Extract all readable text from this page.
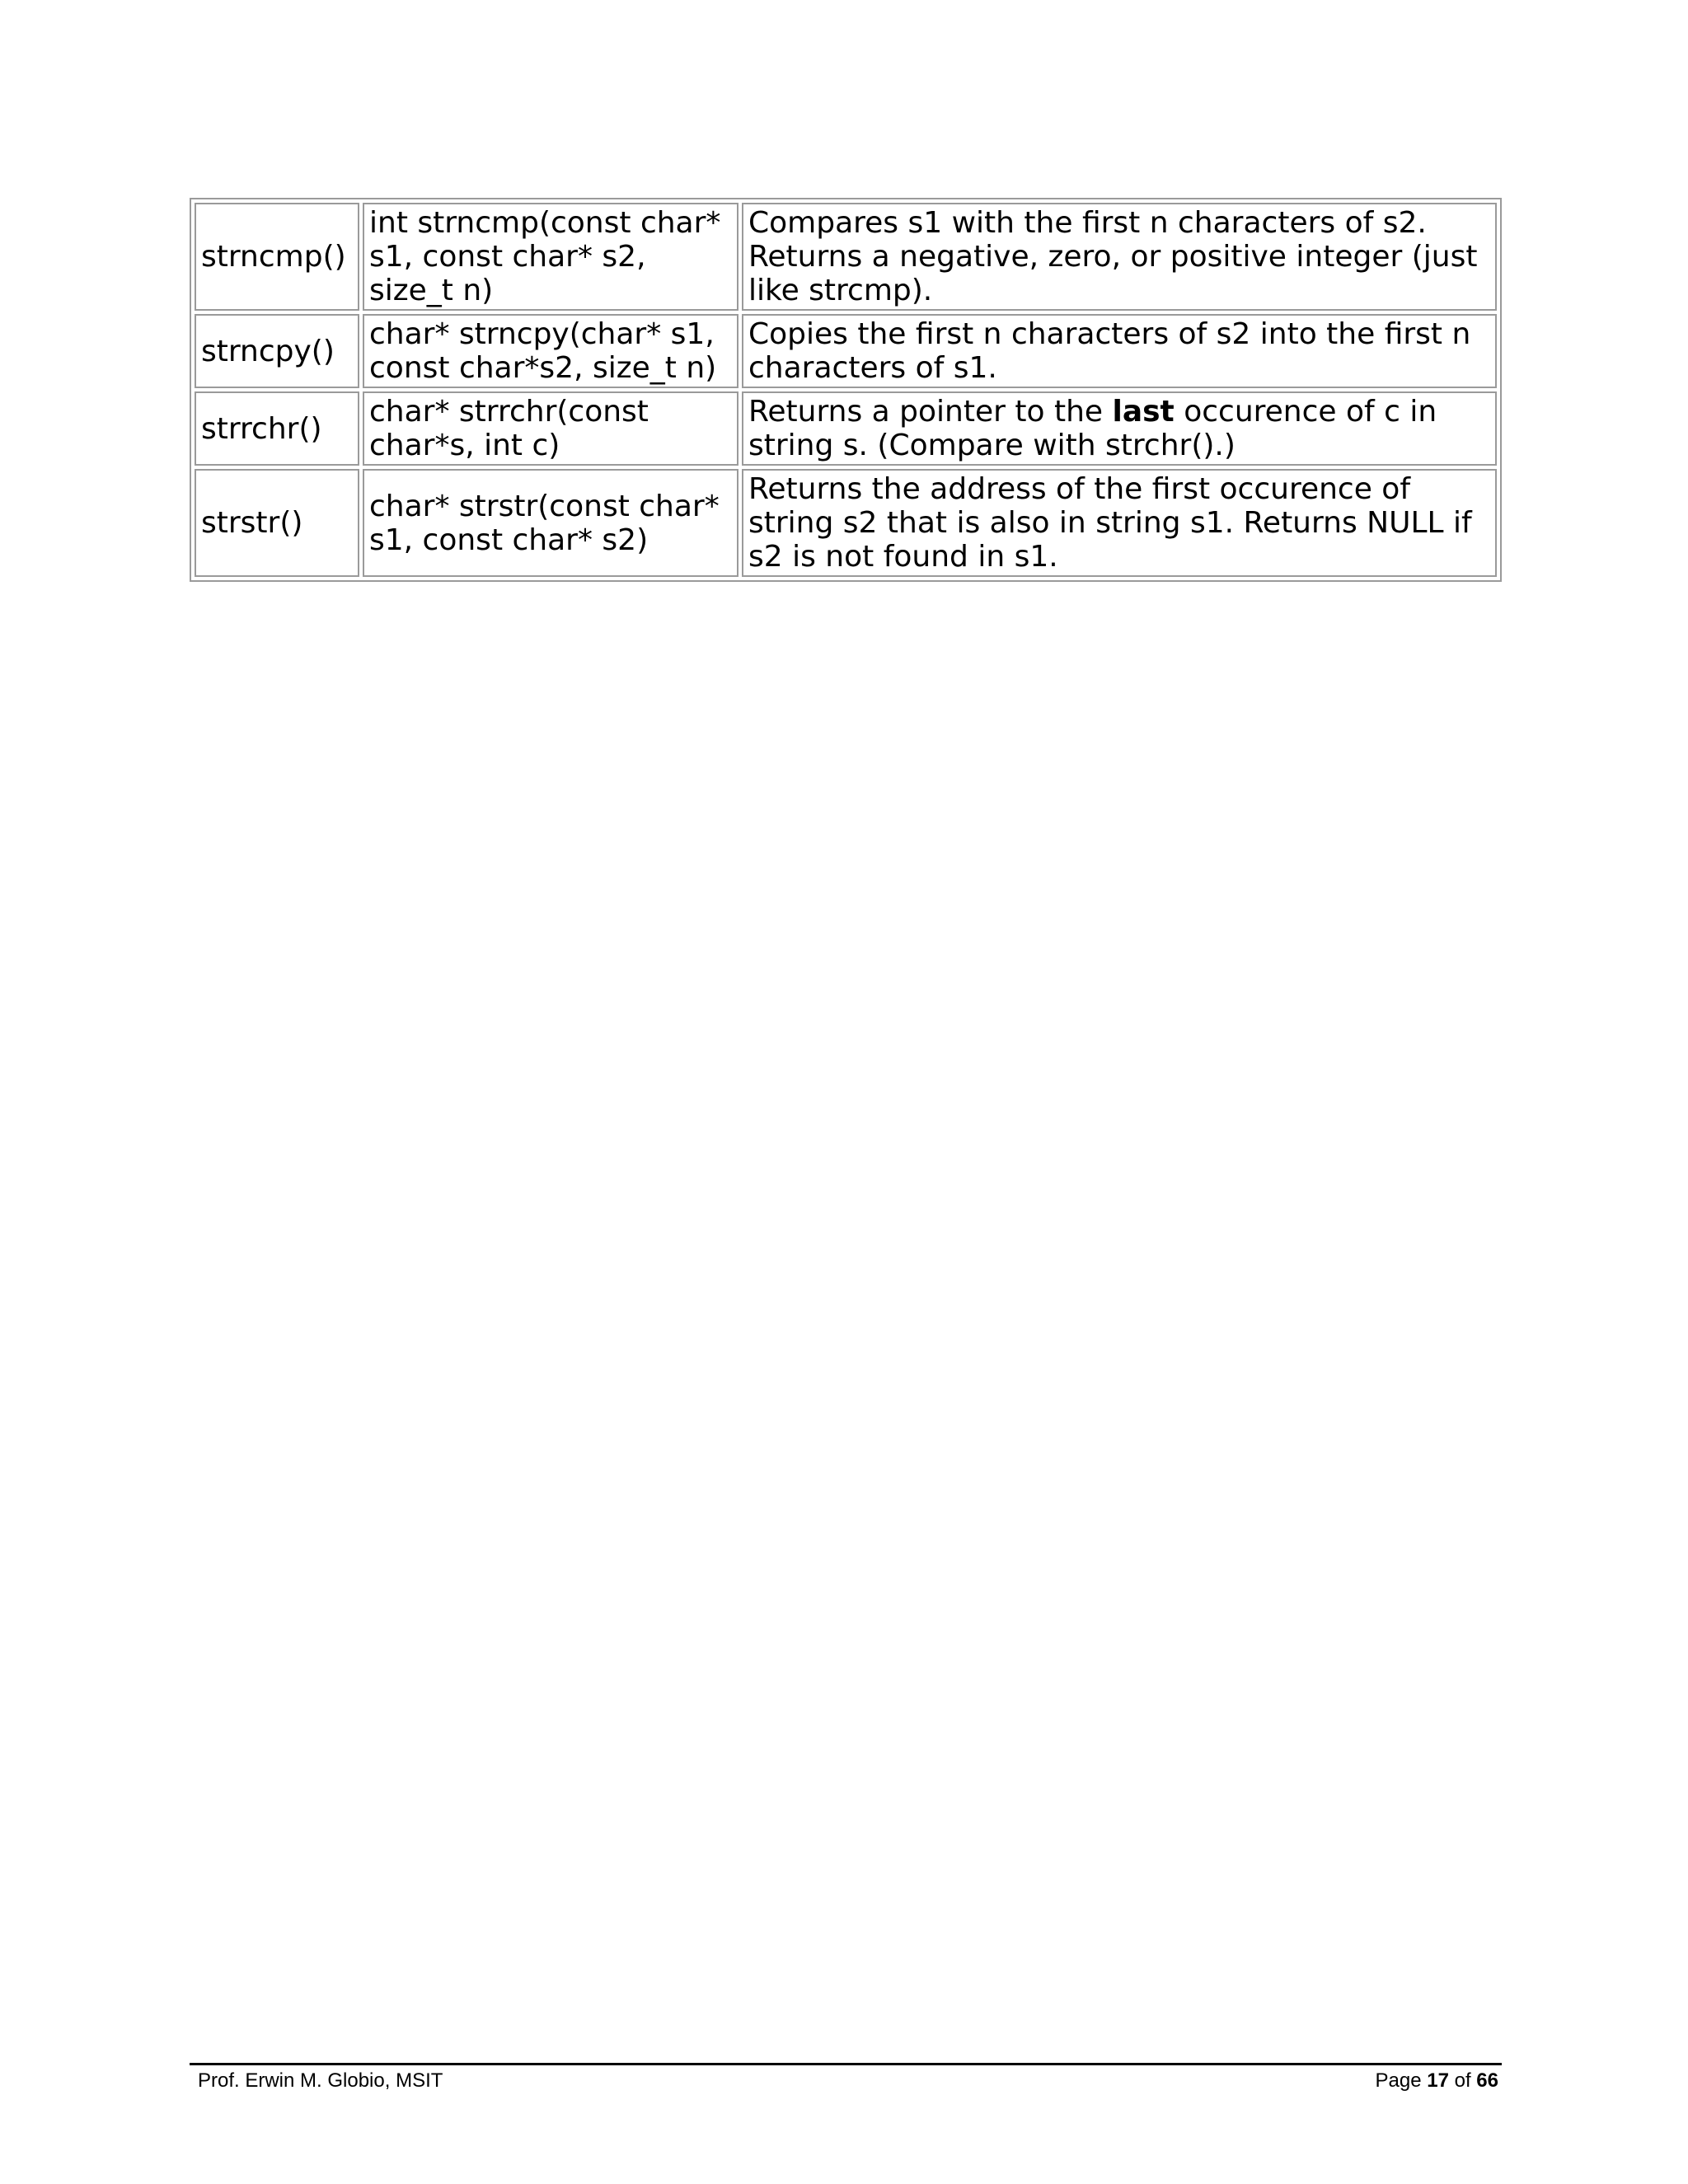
strncmp()	int strncmp(const char* s1, const char* s2, size_t n)	Compares s1 with the first n characters of s2. Returns a negative, zero, or positive integer (just like strcmp).
strncpy()	char* strncpy(char* s1, const char*s2, size_t n)	Copies the first n characters of s2 into the first n characters of s1.
strrchr()	char* strrchr(const char*s, int c)	Returns a pointer to the last occurence of c in string s. (Compare with strchr().)
strstr()	char* strstr(const char* s1, const char* s2)	Returns the address of the first occurence of string s2 that is also in string s1. Returns NULL if s2 is not found in s1.
Prof. Erwin M. Globio, MSIT	Page 17 of 66
